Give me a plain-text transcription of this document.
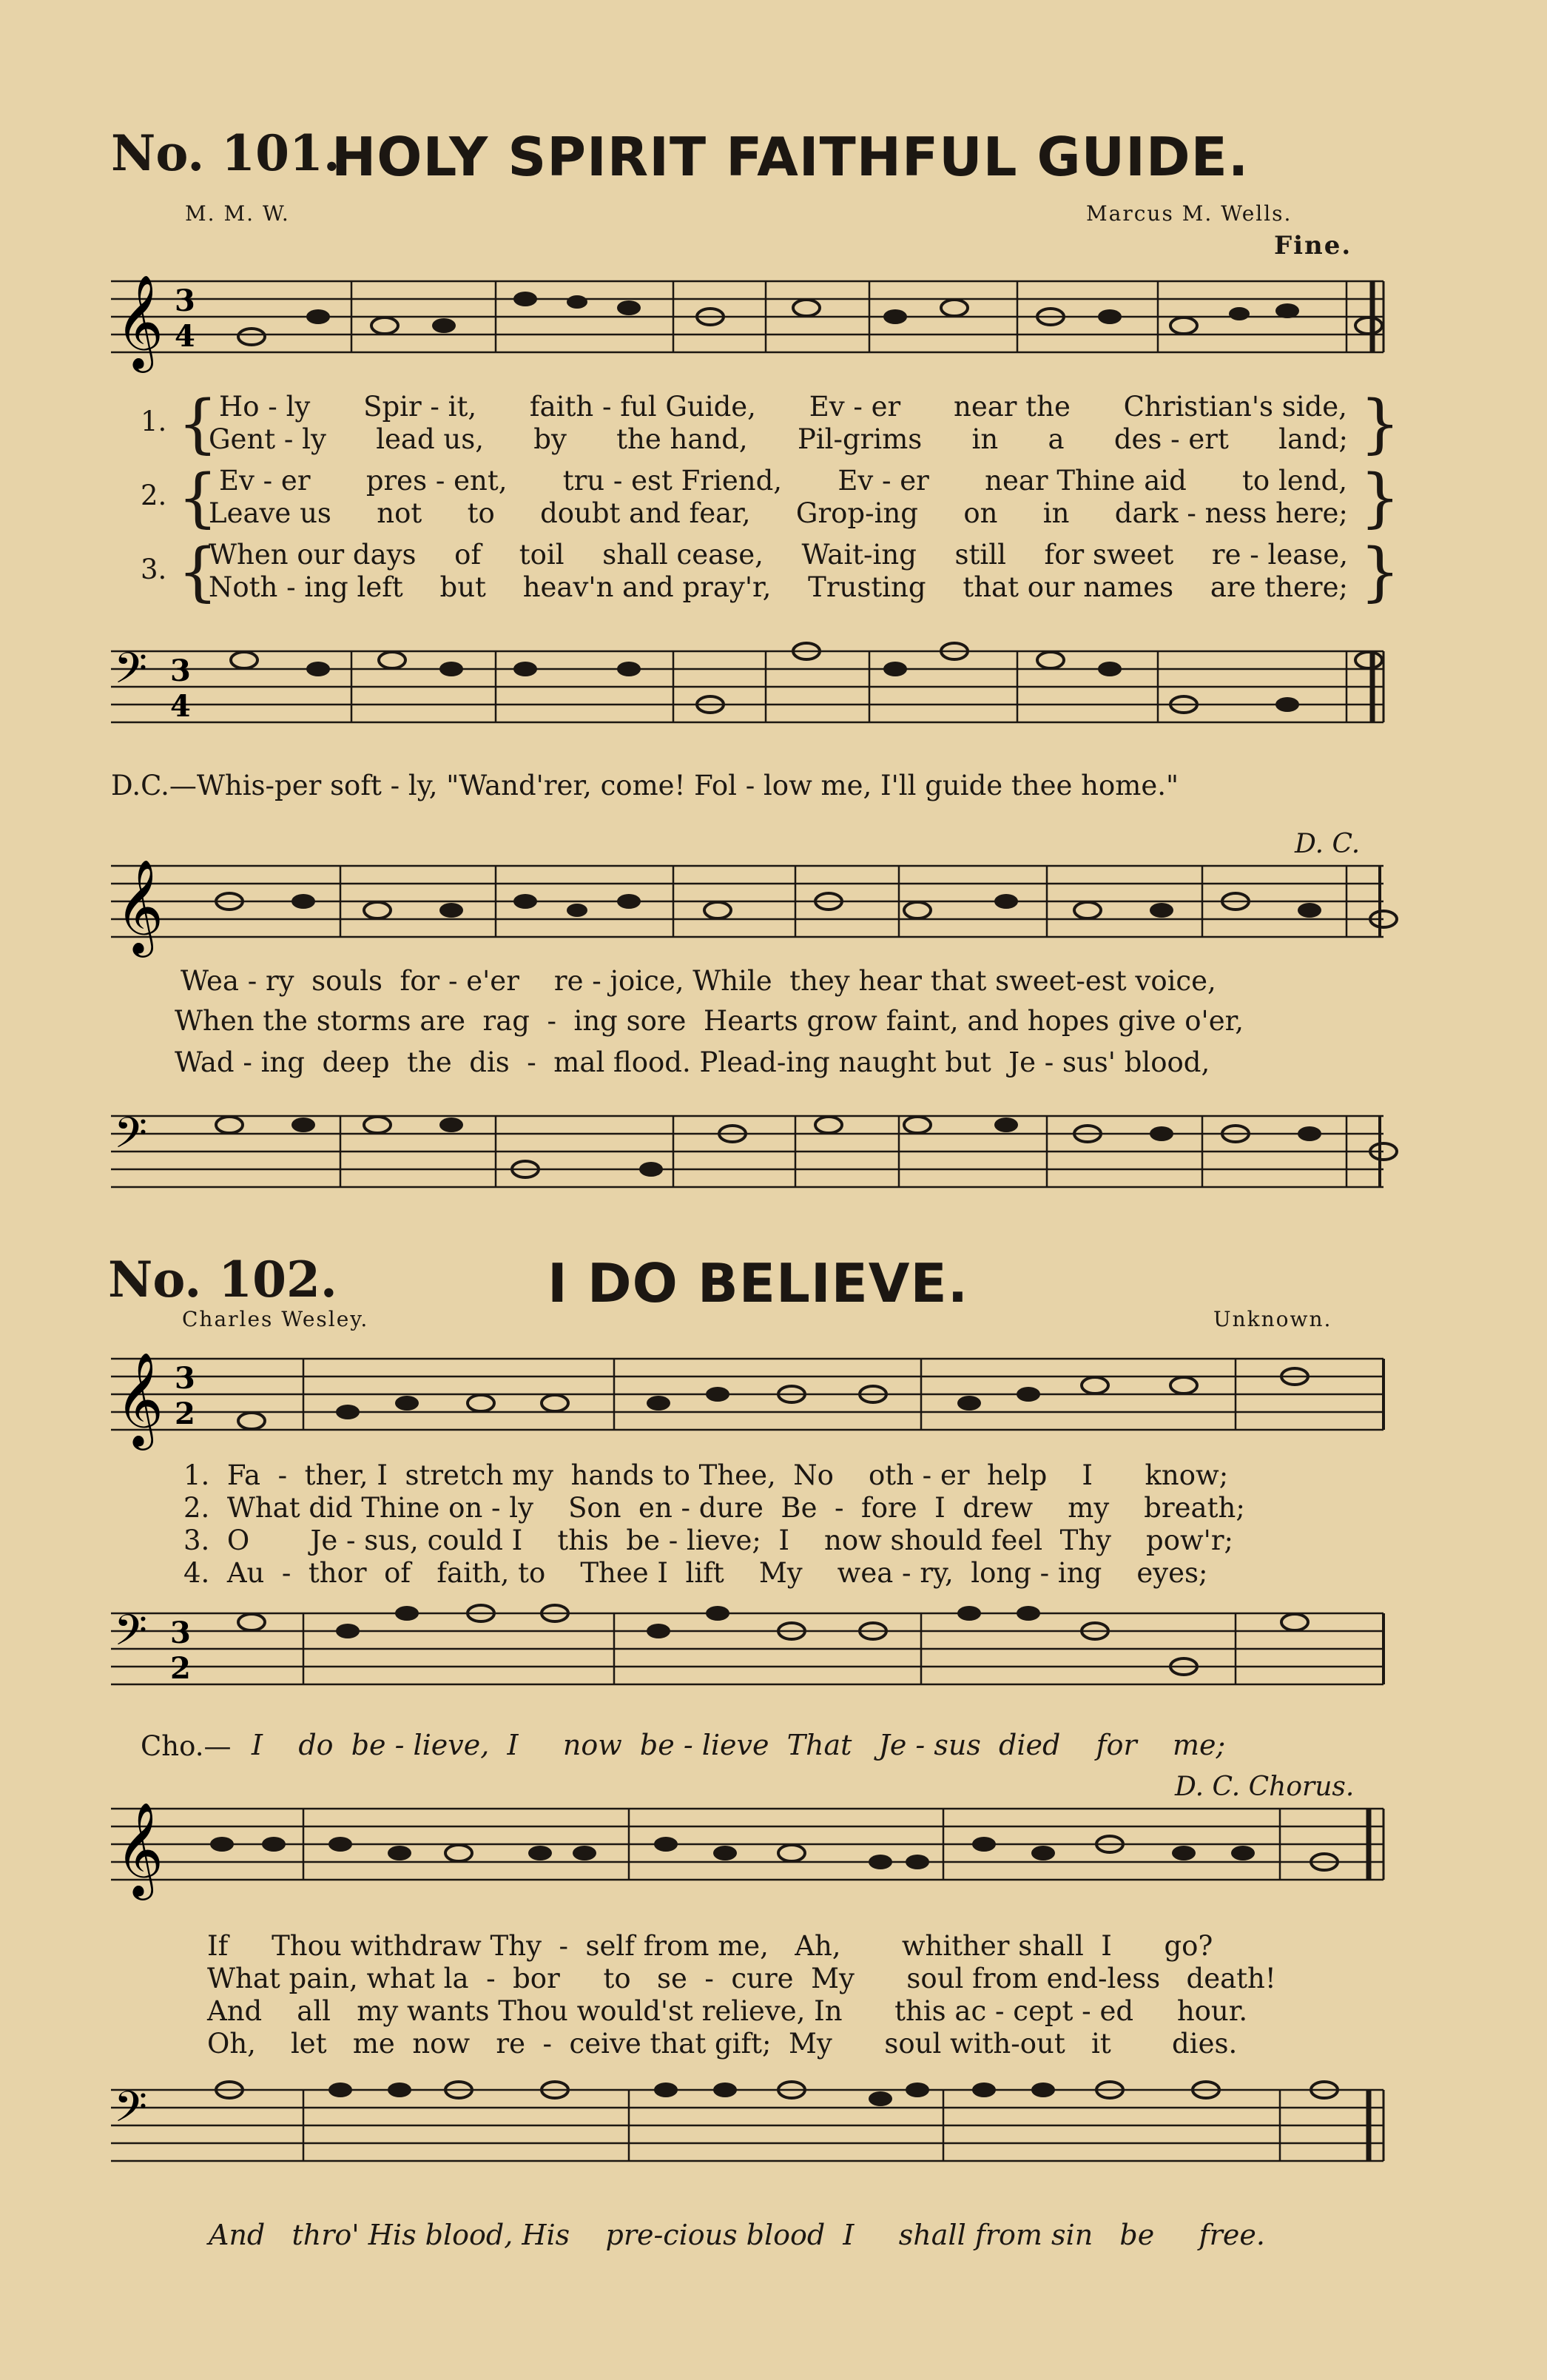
No. 101.
HOLY SPIRIT FAITHFUL GUIDE.
M. M. W.	Marcus M. Wells.
Fine.
𝄞 3
4
1. { Ho - ly Spir - it, faith - ful Guide, Ev - er near the Christian's side,
Gent - ly lead us, by the hand, Pil-grims in a des - ert land; }
2. { Ev - er pres - ent, tru - est Friend, Ev - er near Thine aid to lend,
Leave us not to doubt and fear, Grop-ing on in dark - ness here; }
3. {
When our days of toil shall cease, Wait-ing still for sweet re - lease,
Noth - ing left but heav'n and pray'r, Trusting that our names are there; }
𝄢 3
4
D.C.—Whis-per soft - ly, "Wand'rer, come! Fol - low me, I'll guide thee home."
D. C.
𝄞
Wea - ry  souls  for - e'er    re - joice, While  they hear that sweet-est voice,
When the storms are  rag  -  ing sore  Hearts grow faint, and hopes give o'er,
Wad - ing  deep  the  dis  -  mal flood. Plead-ing naught but  Je - sus' blood,
𝄢
No. 102.	I DO BELIEVE.
Charles Wesley.	Unknown.
𝄞 3
2
1.  Fa  -  ther, I  stretch my  hands to Thee,  No    oth - er  help    I      know;
2.  What did Thine on - ly    Son  en - dure  Be  -  fore  I  drew    my    breath;
3.  O       Je - sus, could I    this  be - lieve;  I    now should feel  Thy    pow'r;
4.  Au  -  thor  of   faith, to    Thee I  lift    My    wea - ry,  long - ing    eyes;
𝄢 3
2
Cho.— I    do  be - lieve,  I     now  be - lieve  That   Je - sus  died    for    me;
D. C. Chorus.
𝄞
If     Thou withdraw Thy  -  self from me,   Ah,       whither shall  I      go?
What pain, what la  -  bor     to   se  -  cure  My      soul from end-less   death!
And    all   my wants Thou would'st relieve, In      this ac - cept - ed     hour.
Oh,    let   me  now   re  -  ceive that gift;  My      soul with-out   it       dies.
𝄢
And   thro' His blood, His    pre-cious blood  I     shall from sin   be     free.
